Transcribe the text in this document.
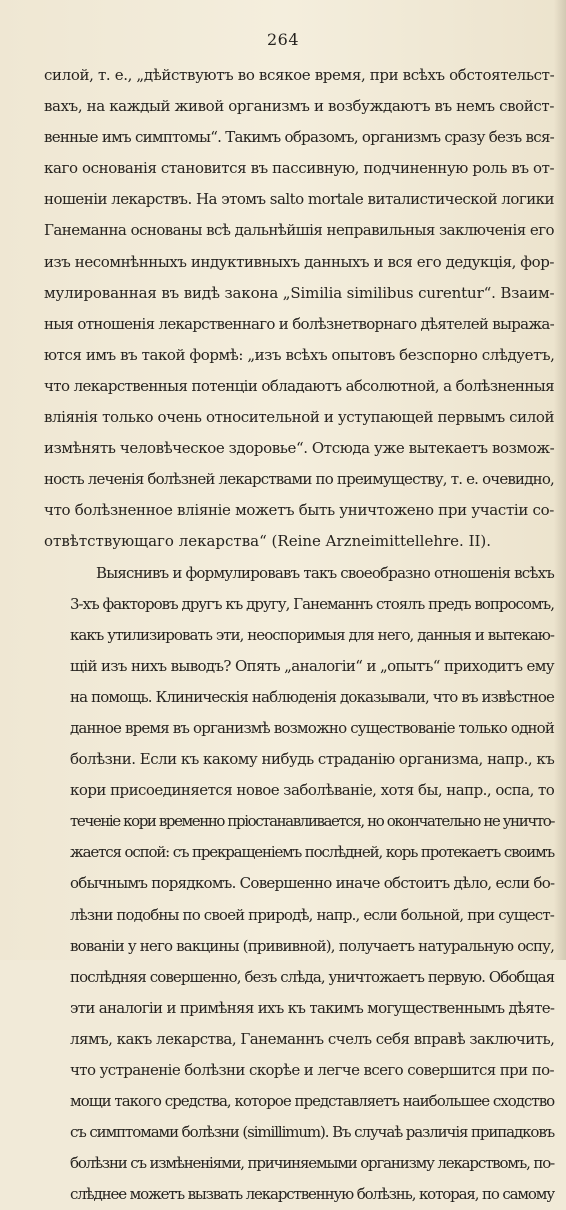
264
силой, т. е., „дѣйствуютъ во всякое время, при всѣхъ обстоятельст-
вахъ, на каждый живой организмъ и возбуждаютъ въ немъ свойст-
венные имъ симптомы“. Такимъ образомъ, организмъ сразу безъ вся-
каго основанія становится въ пассивную, подчиненную роль въ от-
ношеніи лекарствъ. На этомъ salto mortale виталистической логики
Ганеманна основаны всѣ дальнѣйшія неправильныя заключенія его
изъ несомнѣнныхъ индуктивныхъ данныхъ и вся его дедукція, фор-
мулированная въ видѣ закона „Similia similibus curentur“. Взаим-
ныя отношенія лекарственнаго и болѣзнетворнаго дѣятелей выража-
ются имъ въ такой формѣ: „изъ всѣхъ опытовъ безспорно слѣдуетъ,
что лекарственныя потенціи обладаютъ абсолютной, а болѣзненныя
вліянія только очень относительной и уступающей первымъ силой
измѣнять человѣческое здоровье“. Отсюда уже вытекаетъ возмож-
ность леченія болѣзней лекарствами по преимуществу, т. е. очевидно,
что болѣзненное вліяніе можетъ быть уничтожено при участіи со-
отвѣтствующаго лекарства“ (Reine Arzneimittellehre. II).
Выяснивъ и формулировавъ такъ своеобразно отношенія всѣхъ
3-хъ факторовъ другъ къ другу, Ганеманнъ стоялъ предъ вопросомъ,
какъ утилизировать эти, неоспоримыя для него, данныя и вытекаю-
щій изъ нихъ выводъ? Опять „аналогіи“ и „опытъ“ приходитъ ему
на помощь. Клиническія наблюденія доказывали, что въ извѣстное
данное время въ организмѣ возможно существованіе только одной
болѣзни. Если къ какому нибудь страданію организма, напр., къ
кори присоединяется новое заболѣваніе, хотя бы, напр., оспа, то
теченіе кори временно пріостанавливается, но окончательно не уничто-
жается оспой: съ прекращеніемъ послѣдней, корь протекаетъ своимъ
обычнымъ порядкомъ. Совершенно иначе обстоитъ дѣло, если бо-
лѣзни подобны по своей природѣ, напр., если больной, при сущест-
вованіи у него вакцины (прививной), получаетъ натуральную оспу,
послѣдняя совершенно, безъ слѣда, уничтожаетъ первую. Обобщая
эти аналогіи и примѣняя ихъ къ такимъ могущественнымъ дѣяте-
лямъ, какъ лекарства, Ганеманнъ счелъ себя вправѣ заключить,
что устраненіе болѣзни скорѣе и легче всего совершится при по-
мощи такого средства, которое представляетъ наибольшее сходство
съ симптомами болѣзни (simillimum). Въ случаѣ различія припадковъ
болѣзни съ измѣненіями, причиняемыми организму лекарствомъ, по-
слѣднее можетъ вызвать лекарственную болѣзнь, которая, по самому
